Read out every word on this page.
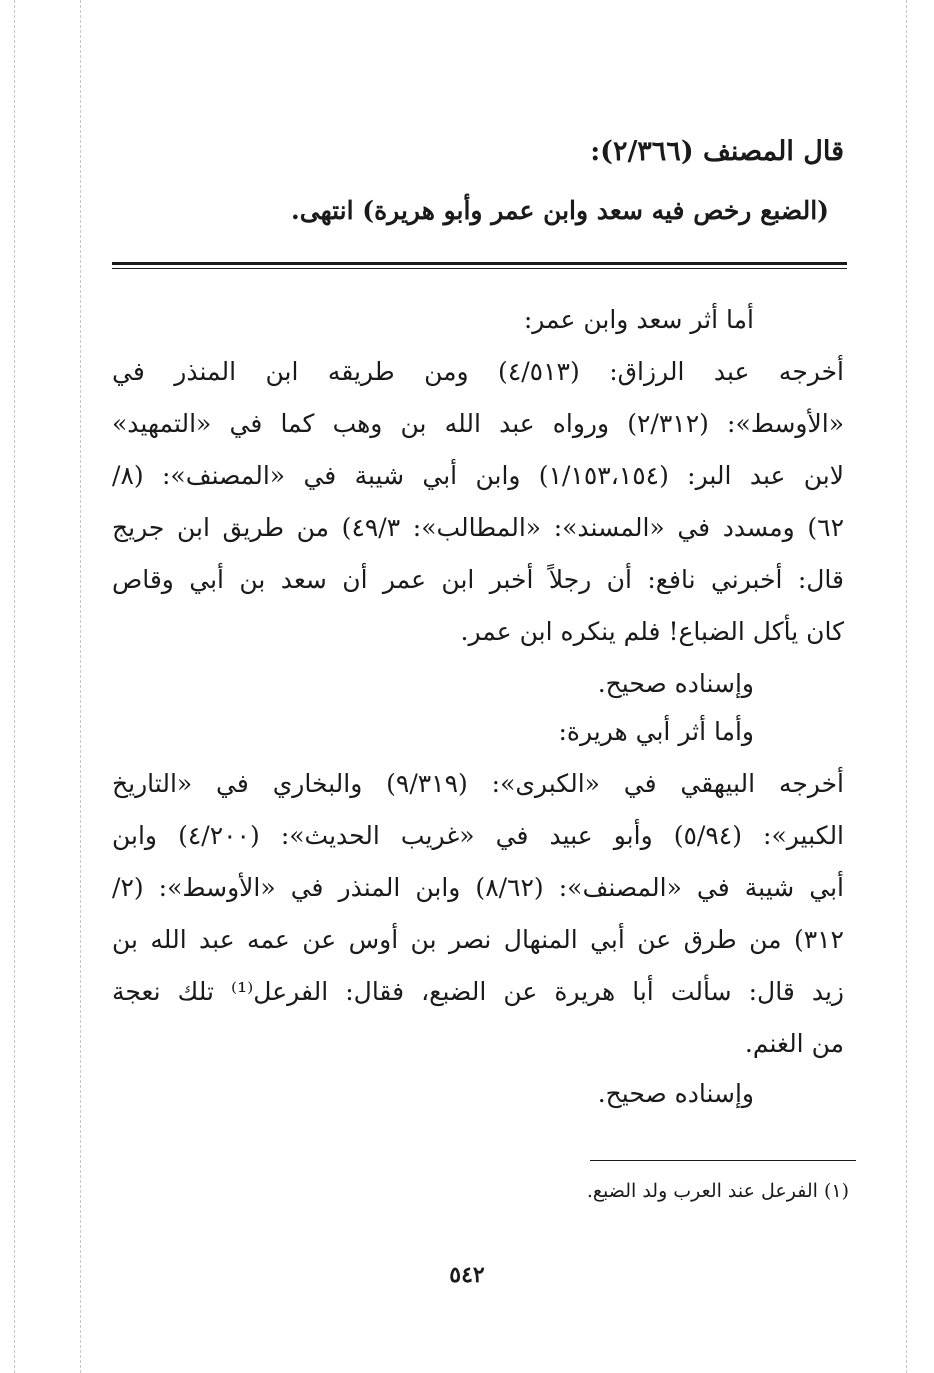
قال المصنف (٢/٣٦٦):
(الضبع رخص فيه سعد وابن عمر وأبو هريرة) انتهى.
أما أثر سعد وابن عمر:
أخرجه عبد الرزاق: (٤/٥١٣) ومن طريقه ابن المنذر في
«الأوسط»: (٢/٣١٢) ورواه عبد الله بن وهب كما في «التمهيد»
لابن عبد البر: (١/١٥٣،١٥٤) وابن أبي شيبة في «المصنف»: (٨/
٦٢) ومسدد في «المسند»: «المطالب»: ٤٩/٣) من طريق ابن جريج
قال: أخبرني نافع: أن رجلاً أخبر ابن عمر أن سعد بن أبي وقاص
كان يأكل الضباع! فلم ينكره ابن عمر.
وإسناده صحيح.
وأما أثر أبي هريرة:
أخرجه البيهقي في «الكبرى»: (٩/٣١٩) والبخاري في «التاريخ
الكبير»: (٥/٩٤) وأبو عبيد في «غريب الحديث»: (٤/٢٠٠) وابن
أبي شيبة في «المصنف»: (٨/٦٢) وابن المنذر في «الأوسط»: (٢/
٣١٢) من طرق عن أبي المنهال نصر بن أوس عن عمه عبد الله بن
زيد قال: سألت أبا هريرة عن الضبع، فقال: الفرعل⁽¹⁾ تلك نعجة
من الغنم.
وإسناده صحيح.
(١) الفرعل عند العرب ولد الضبع.
٥٤٢
